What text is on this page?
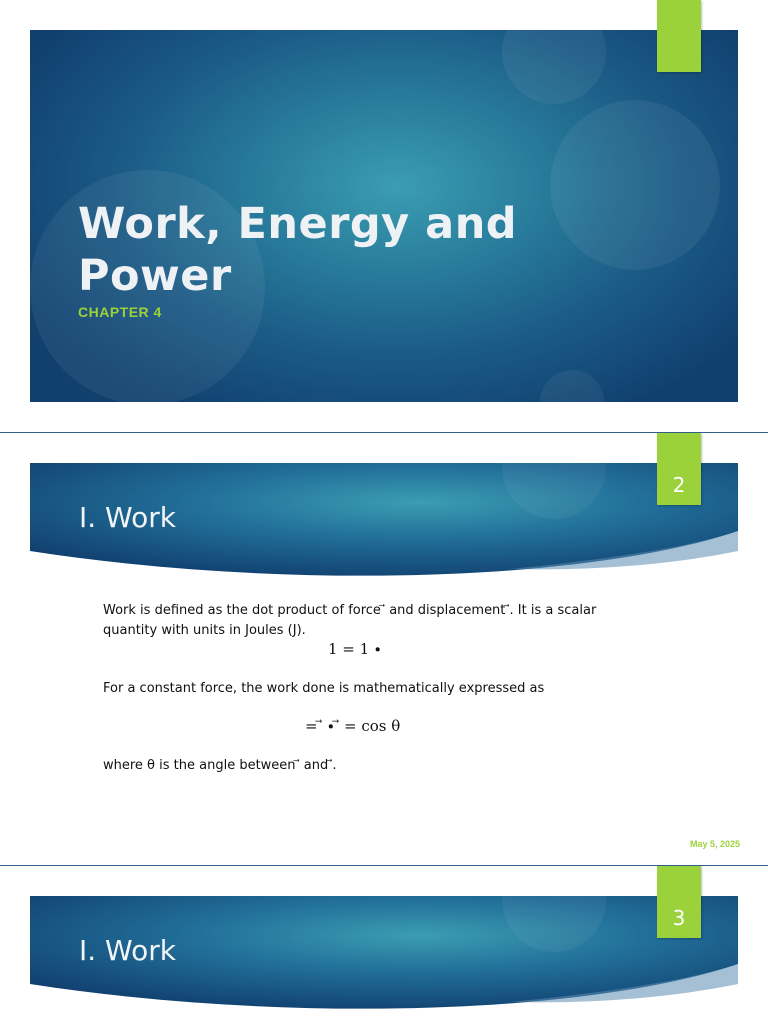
Work, Energy and Power
CHAPTER 4
I. Work
2
Work is defined as the dot product of force ⃗ and displacement ⃗. It is a scalar quantity with units in Joules (J).
1 = 1 ∙
For a constant force, the work done is mathematically expressed as
= ⃗ ∙ ⃗ = cos θ
where θ is the angle between ⃗ and ⃗.
May 5, 2025
I. Work
3
